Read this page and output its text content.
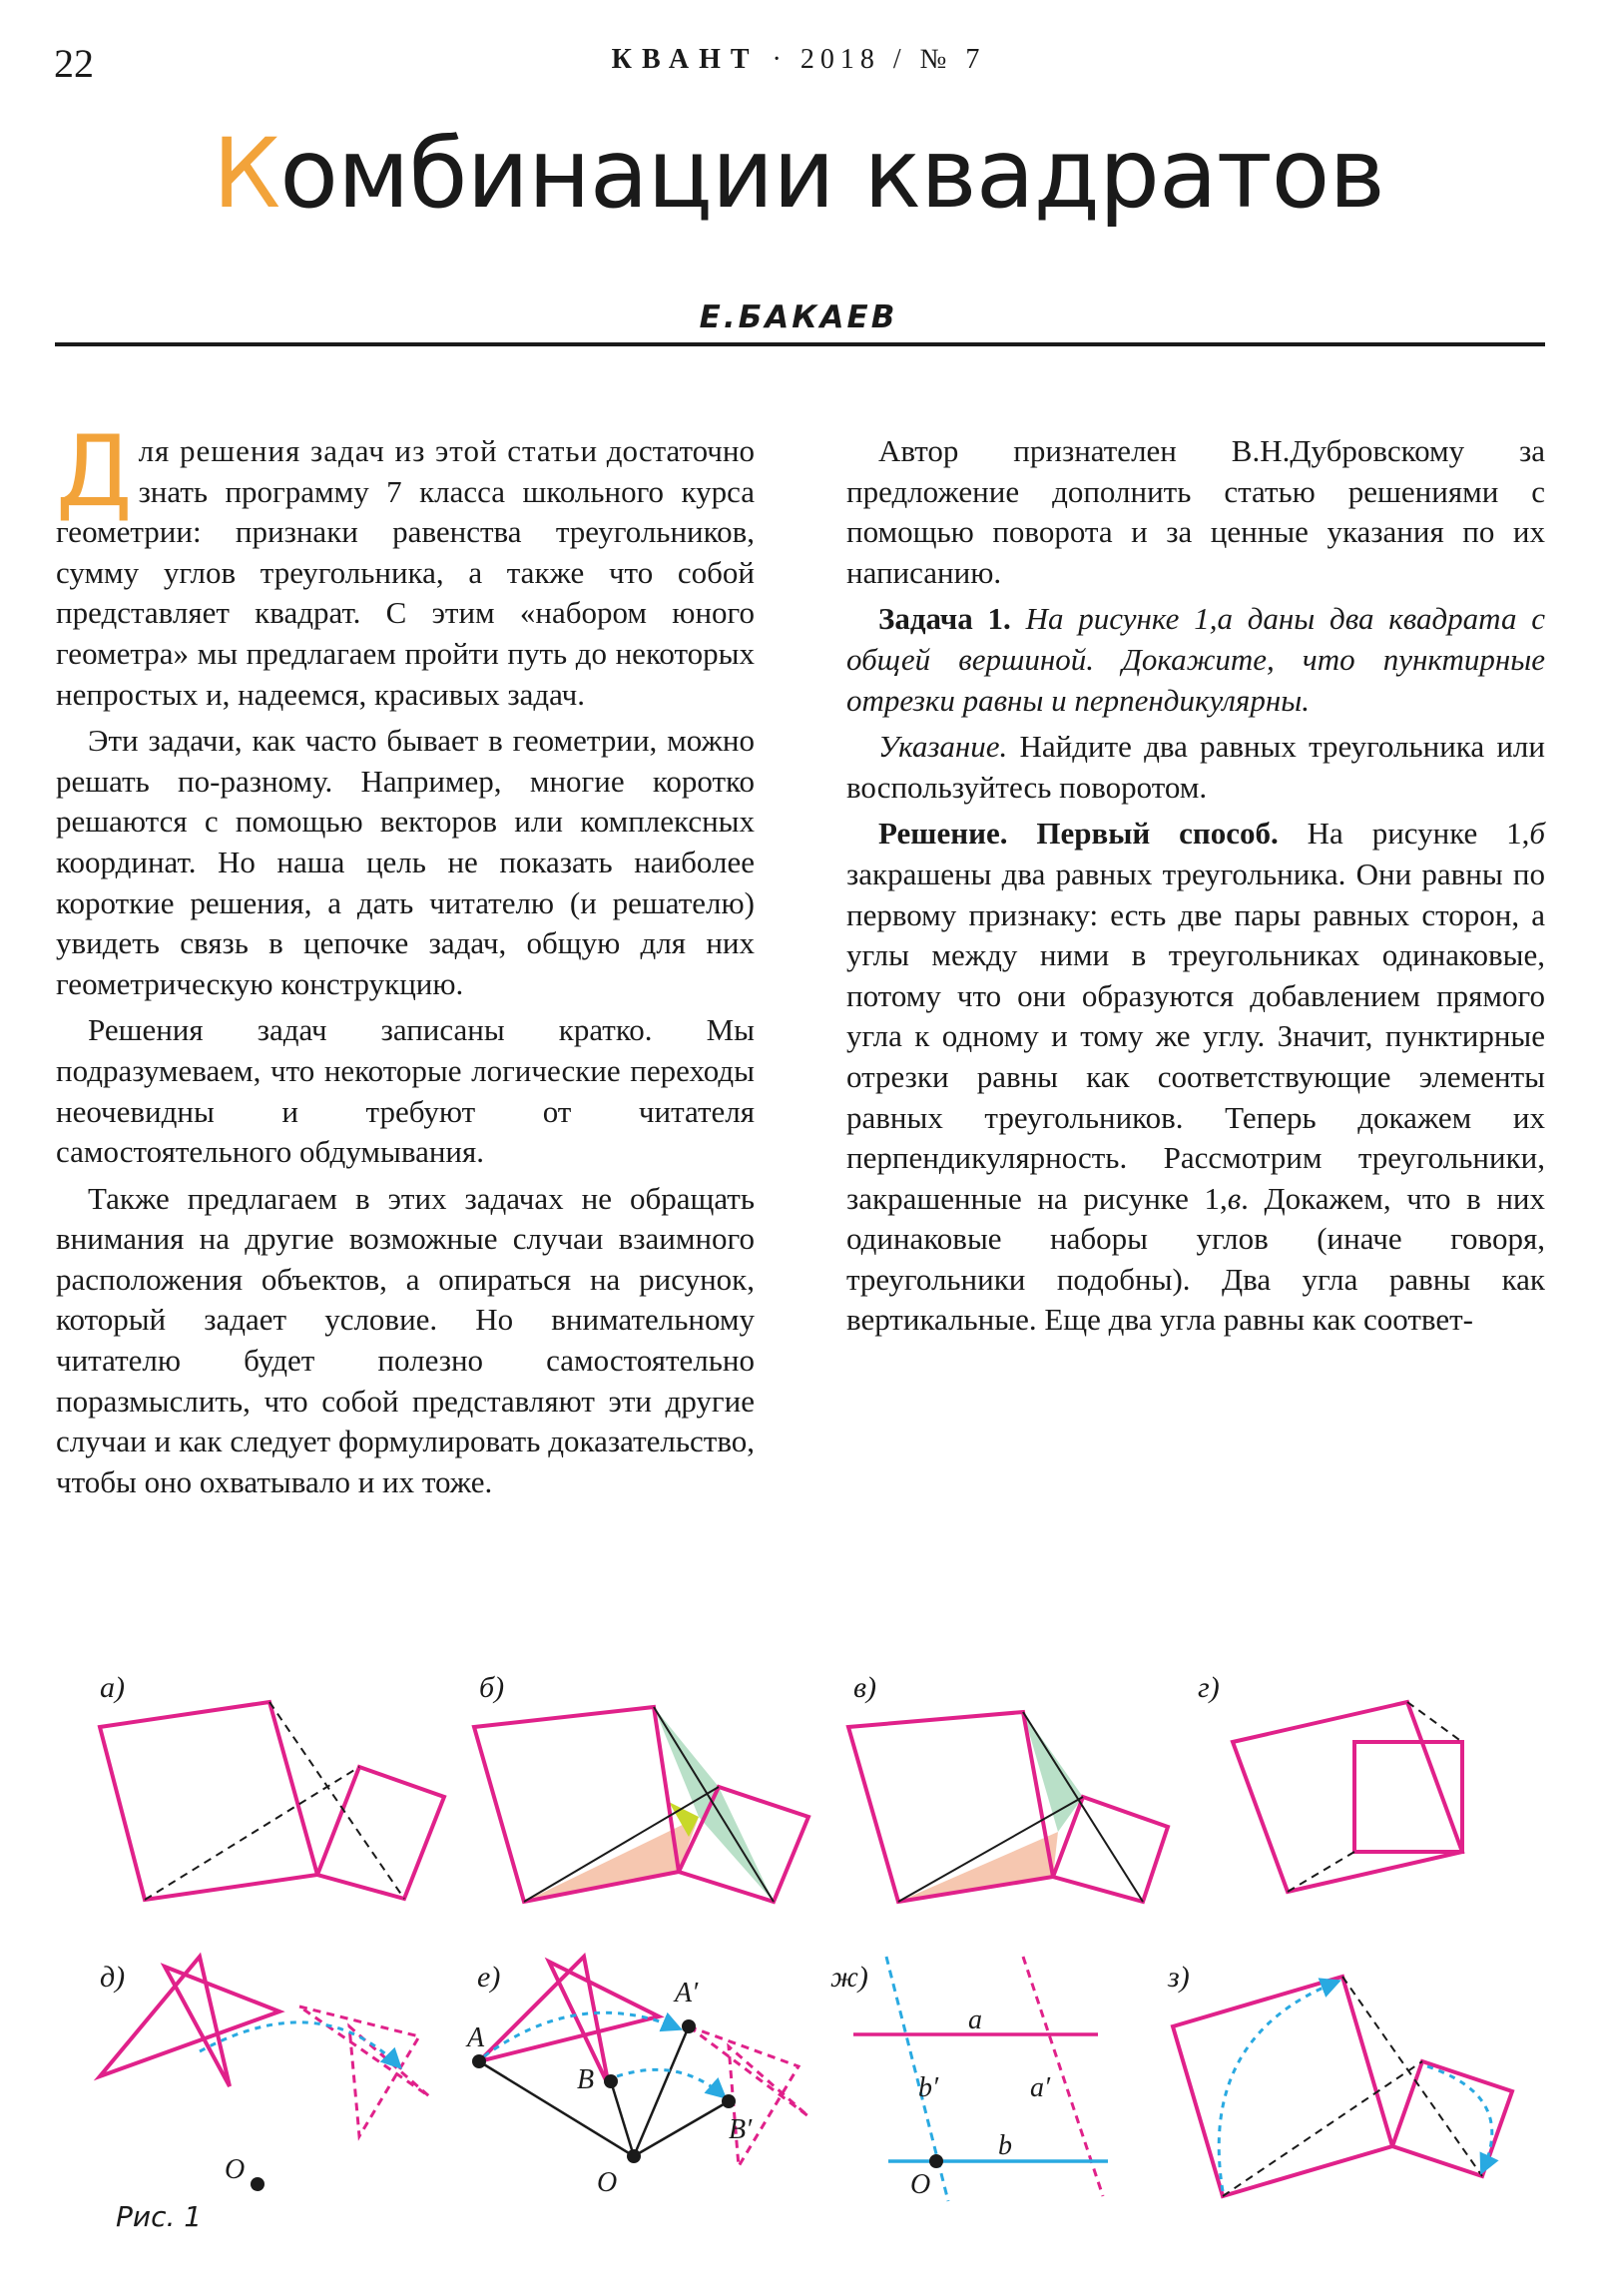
22	КВАНТ · 2018 / № 7
Комбинации квадратов
Е.БАКАЕВ

Для решения задач из этой статьи достаточно знать программу 7 класса школьного курса геометрии: признаки равенства треугольников, сумму углов треугольника, а также что собой представляет квадрат. С этим «набором юного геометра» мы предлагаем пройти путь до некоторых непростых и, надеемся, красивых задач.

Эти задачи, как часто бывает в геометрии, можно решать по-разному. Например, многие коротко решаются с помощью векторов или комплексных координат. Но наша цель не показать наиболее короткие решения, а дать читателю (и решателю) увидеть связь в цепочке задач, общую для них геометрическую конструкцию.

Решения задач записаны кратко. Мы подразумеваем, что некоторые логические переходы неочевидны и требуют от читателя самостоятельного обдумывания.

Также предлагаем в этих задачах не обращать внимания на другие возможные случаи взаимного расположения объектов, а опираться на рисунок, который задает условие. Но внимательному читателю будет полезно самостоятельно поразмыслить, что собой представляют эти другие случаи и как следует формулировать доказательство, чтобы оно охватывало и их тоже.

Автор признателен В.Н.Дубровскому за предложение дополнить статью решениями с помощью поворота и за ценные указания по их написанию.

Задача 1. На рисунке 1,а даны два квадрата с общей вершиной. Докажите, что пунктирные отрезки равны и перпендикулярны.

Указание. Найдите два равных треугольника или воспользуйтесь поворотом.

Решение. Первый способ. На рисунке 1,б закрашены два равных треугольника. Они равны по первому признаку: есть две пары равных сторон, а углы между ними в треугольниках одинаковые, потому что они образуются добавлением прямого угла к одному и тому же углу. Значит, пунктирные отрезки равны как соответствующие элементы равных треугольников. Теперь докажем их перпендикулярность. Рассмотрим треугольники, закрашенные на рисунке 1,в. Докажем, что в них одинаковые наборы углов (иначе говоря, треугольники подобны). Два угла равны как вертикальные. Еще два угла равны как соответ-

а)	б)	в)	г)
д)
O
е)
A
A′
B
B′
O
ж)
a
b
a′
b′
O
з)
Рис. 1
